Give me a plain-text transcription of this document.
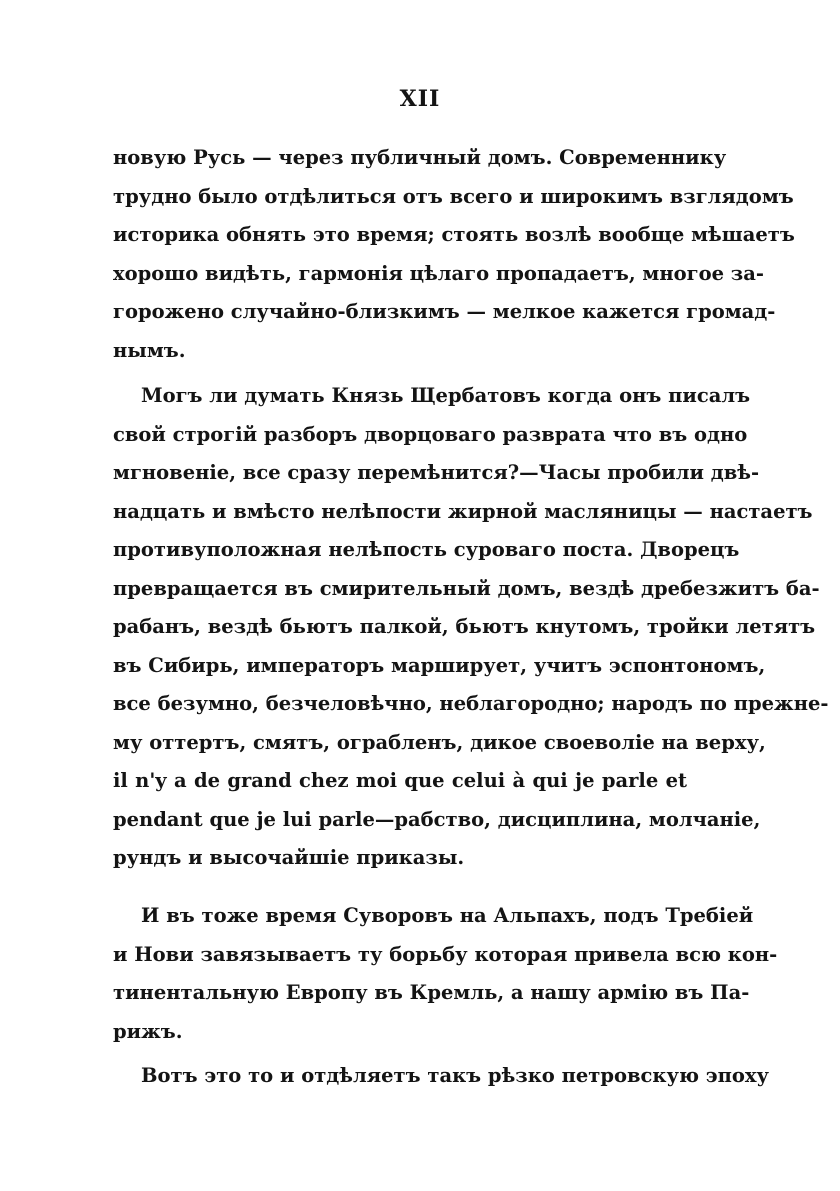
XII
новую Русь — через публичный домъ. Современнику
трудно было отдѣлиться отъ всего и широкимъ взглядомъ
историка обнять это время; стоять возлѣ вообще мѣшаетъ
хорошо видѣть, гармонія цѣлаго пропадаетъ, многое за-
горожено случайно-близкимъ — мелкое кажется громад-
нымъ.
Могъ ли думать Князь Щербатовъ когда онъ писалъ
свой строгій разборъ дворцоваго разврата что въ одно
мгновеніе, все сразу перемѣнится?—Часы пробили двѣ-
надцать и вмѣсто нелѣпости жирной масляницы — настаетъ
противуположная нелѣпость суроваго поста. Дворецъ
превращается въ смирительный домъ, вездѣ дребезжитъ ба-
рабанъ, вездѣ бьютъ палкой, бьютъ кнутомъ, тройки летятъ
въ Сибирь, императоръ марширует, учитъ эспонтономъ,
все безумно, безчеловѣчно, неблагородно; народъ по прежне-
му оттертъ, смятъ, ограбленъ, дикое своеволіе на верху,
il n'y a de grand chez moi que celui à qui je parle et
pendant que je lui parle—рабство, дисциплина, молчаніе,
рундъ и высочайшіе приказы.
И въ тоже время Суворовъ на Альпахъ, подъ Требіей
и Нови завязываетъ ту борьбу которая привела всю кон-
тинентальную Европу въ Кремль, а нашу армію въ Па-
рижъ.
Вотъ это то и отдѣляетъ такъ рѣзко петровскую эпоху
